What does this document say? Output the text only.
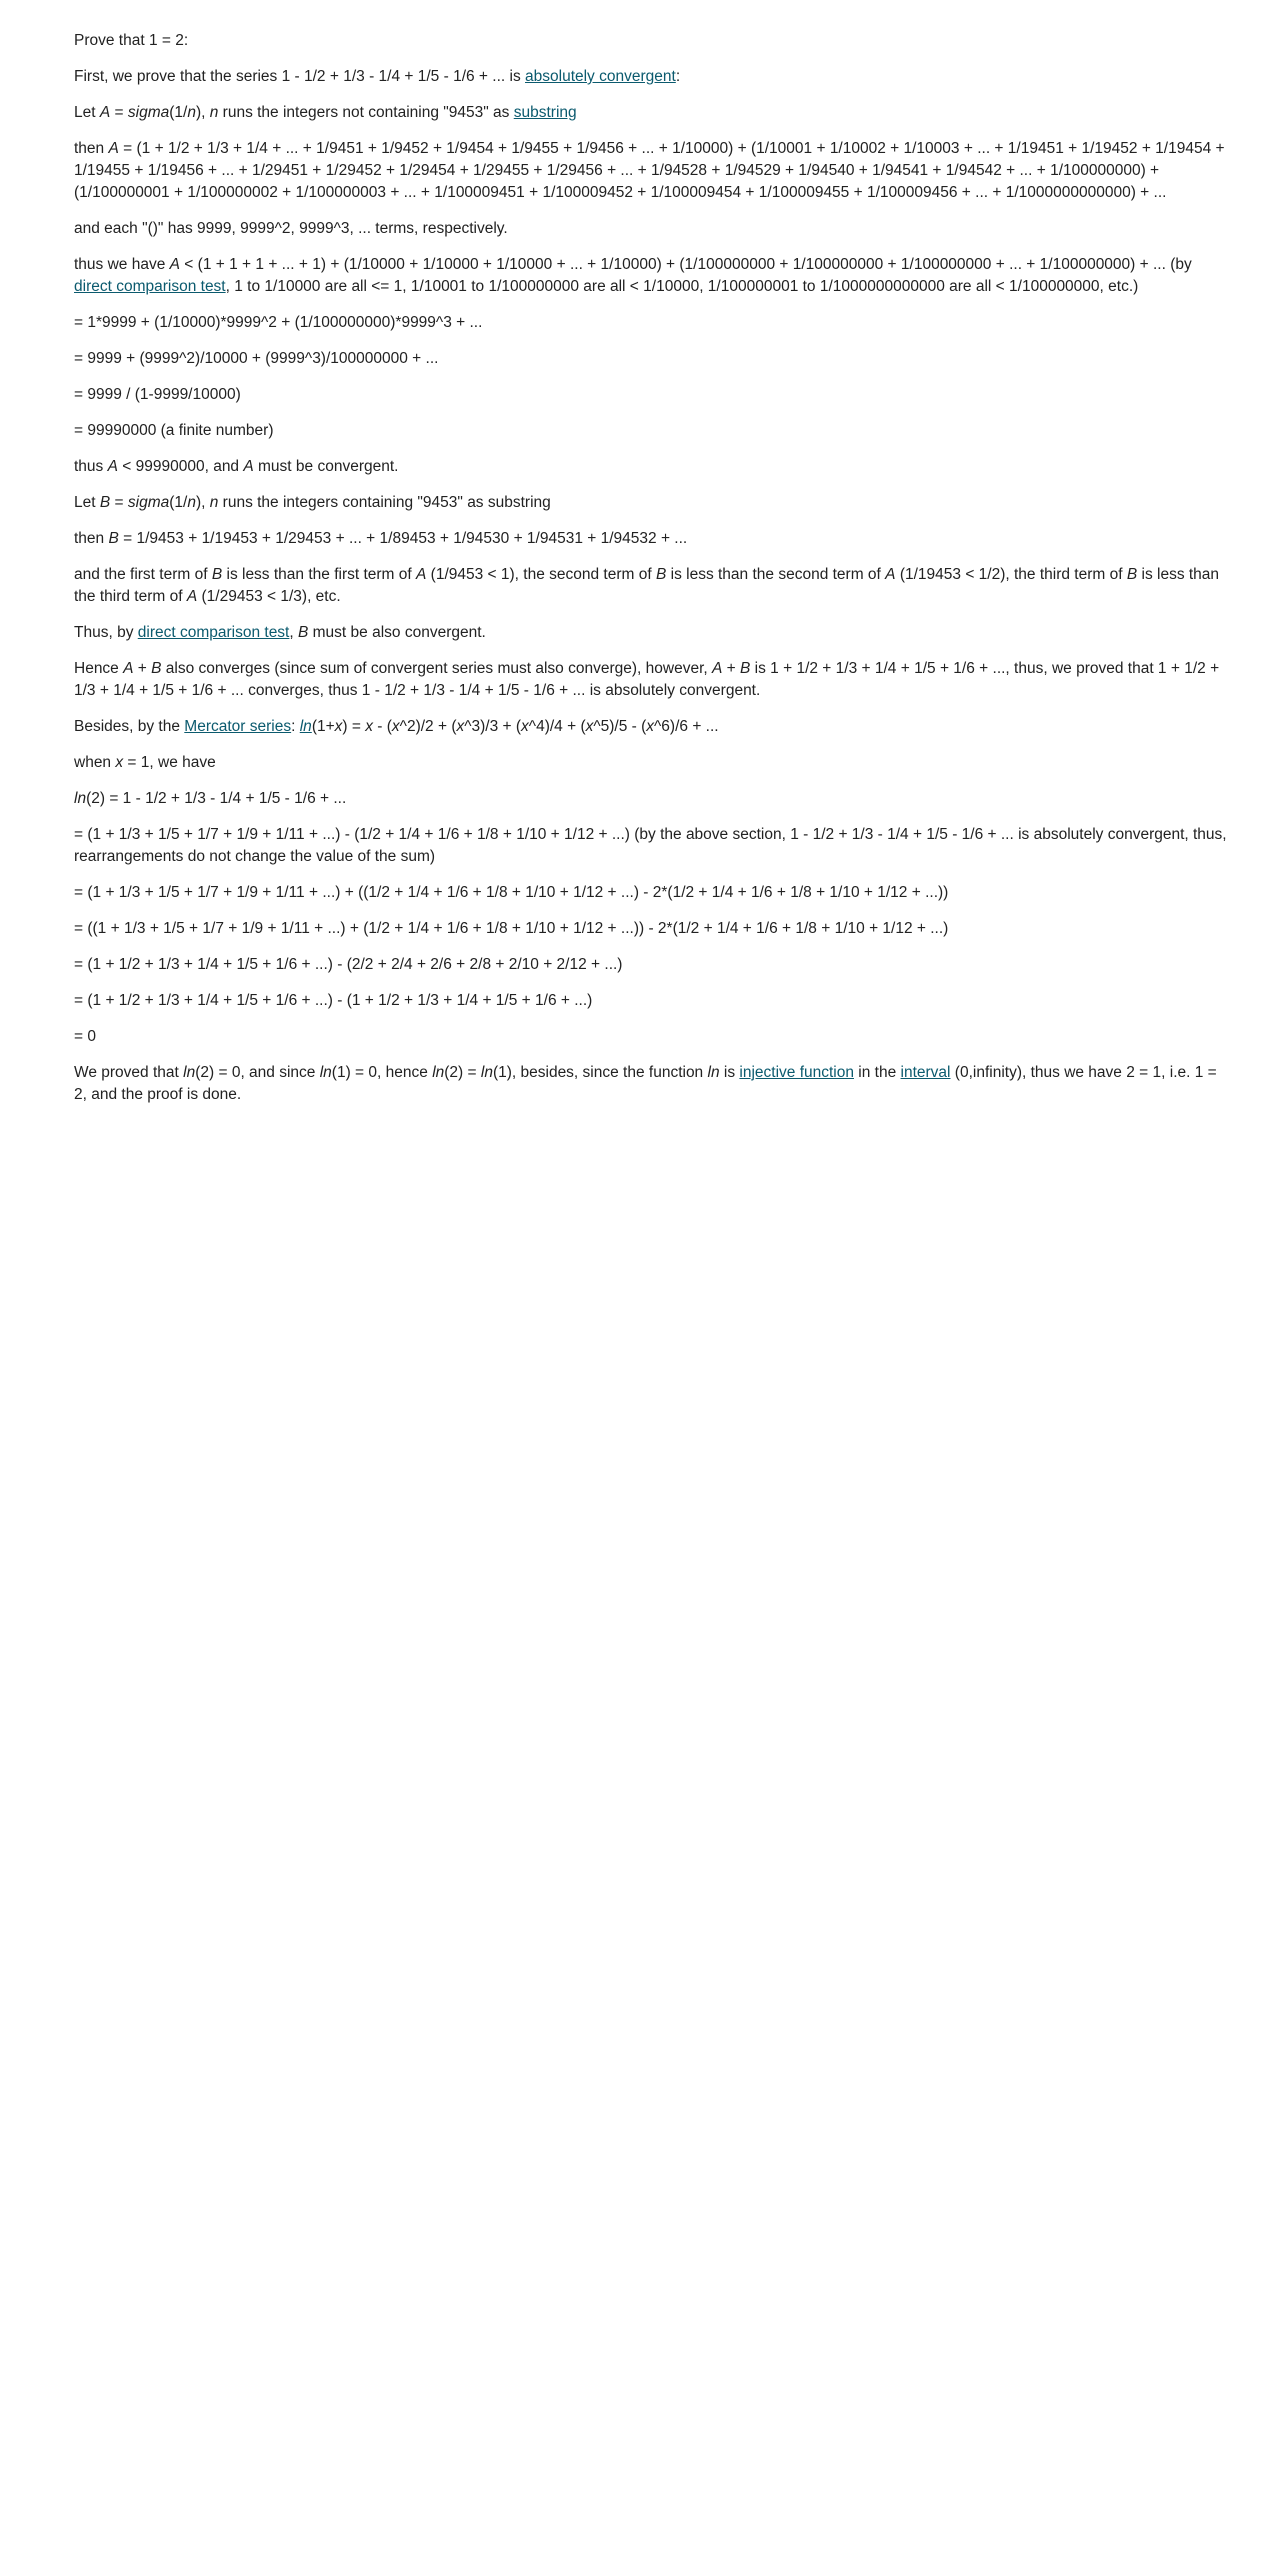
Prove that 1 = 2:

First, we prove that the series 1 - 1/2 + 1/3 - 1/4 + 1/5 - 1/6 + ... is absolutely convergent:

Let A = sigma(1/n), n runs the integers not containing "9453" as substring

then A = (1 + 1/2 + 1/3 + 1/4 + ... + 1/9451 + 1/9452 + 1/9454 + 1/9455 + 1/9456 + ... + 1/10000) + (1/10001 + 1/10002 + 1/10003 + ... + 1/19451 + 1/19452 + 1/19454 + 1/19455 + 1/19456 + ... + 1/29451 + 1/29452 + 1/29454 + 1/29455 + 1/29456 + ... + 1/94528 + 1/94529 + 1/94540 + 1/94541 + 1/94542 + ... + 1/100000000) + (1/100000001 + 1/100000002 + 1/100000003 + ... + 1/100009451 + 1/100009452 + 1/100009454 + 1/100009455 + 1/100009456 + ... + 1/1000000000000) + ...

and each "()" has 9999, 9999^2, 9999^3, ... terms, respectively.

thus we have A < (1 + 1 + 1 + ... + 1) + (1/10000 + 1/10000 + 1/10000 + ... + 1/10000) + (1/100000000 + 1/100000000 + 1/100000000 + ... + 1/100000000) + ... (by direct comparison test, 1 to 1/10000 are all <= 1, 1/10001 to 1/100000000 are all < 1/10000, 1/100000001 to 1/1000000000000 are all < 1/100000000, etc.)

= 1*9999 + (1/10000)*9999^2 + (1/100000000)*9999^3 + ...

= 9999 + (9999^2)/10000 + (9999^3)/100000000 + ...

= 9999 / (1-9999/10000)

= 99990000 (a finite number)

thus A < 99990000, and A must be convergent.

Let B = sigma(1/n), n runs the integers containing "9453" as substring

then B = 1/9453 + 1/19453 + 1/29453 + ... + 1/89453 + 1/94530 + 1/94531 + 1/94532 + ...

and the first term of B is less than the first term of A (1/9453 < 1), the second term of B is less than the second term of A (1/19453 < 1/2), the third term of B is less than the third term of A (1/29453 < 1/3), etc.

Thus, by direct comparison test, B must be also convergent.

Hence A + B also converges (since sum of convergent series must also converge), however, A + B is 1 + 1/2 + 1/3 + 1/4 + 1/5 + 1/6 + ..., thus, we proved that 1 + 1/2 + 1/3 + 1/4 + 1/5 + 1/6 + ... converges, thus 1 - 1/2 + 1/3 - 1/4 + 1/5 - 1/6 + ... is absolutely convergent.

Besides, by the Mercator series: ln(1+x) = x - (x^2)/2 + (x^3)/3 + (x^4)/4 + (x^5)/5 - (x^6)/6 + ...

when x = 1, we have

ln(2) = 1 - 1/2 + 1/3 - 1/4 + 1/5 - 1/6 + ...

= (1 + 1/3 + 1/5 + 1/7 + 1/9 + 1/11 + ...) - (1/2 + 1/4 + 1/6 + 1/8 + 1/10 + 1/12 + ...) (by the above section, 1 - 1/2 + 1/3 - 1/4 + 1/5 - 1/6 + ... is absolutely convergent, thus, rearrangements do not change the value of the sum)

= (1 + 1/3 + 1/5 + 1/7 + 1/9 + 1/11 + ...) + ((1/2 + 1/4 + 1/6 + 1/8 + 1/10 + 1/12 + ...) - 2*(1/2 + 1/4 + 1/6 + 1/8 + 1/10 + 1/12 + ...))

= ((1 + 1/3 + 1/5 + 1/7 + 1/9 + 1/11 + ...) + (1/2 + 1/4 + 1/6 + 1/8 + 1/10 + 1/12 + ...)) - 2*(1/2 + 1/4 + 1/6 + 1/8 + 1/10 + 1/12 + ...)

= (1 + 1/2 + 1/3 + 1/4 + 1/5 + 1/6 + ...) - (2/2 + 2/4 + 2/6 + 2/8 + 2/10 + 2/12 + ...)

= (1 + 1/2 + 1/3 + 1/4 + 1/5 + 1/6 + ...) - (1 + 1/2 + 1/3 + 1/4 + 1/5 + 1/6 + ...)

= 0

We proved that ln(2) = 0, and since ln(1) = 0, hence ln(2) = ln(1), besides, since the function ln is injective function in the interval (0,infinity), thus we have 2 = 1, i.e. 1 = 2, and the proof is done.
